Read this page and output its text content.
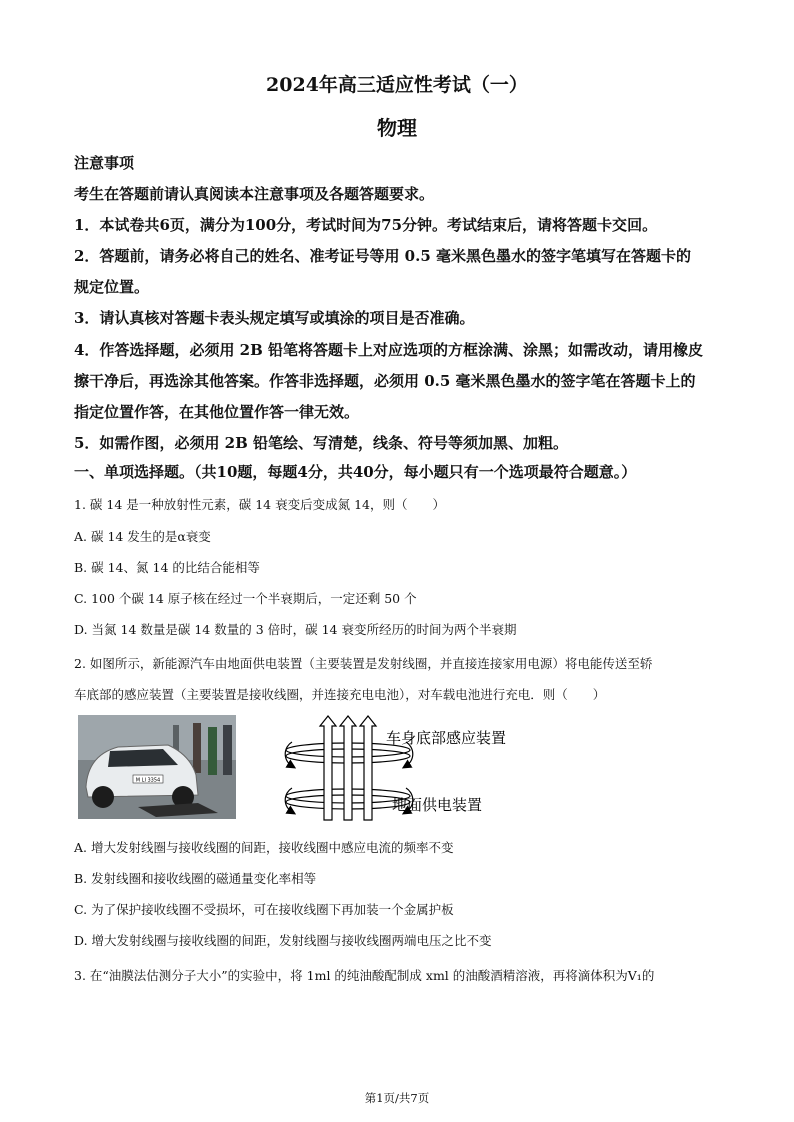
2024年高三适应性考试（一）
物理
注意事项
考生在答题前请认真阅读本注意事项及各题答题要求。
1．本试卷共6页，满分为100分，考试时间为75分钟。考试结束后，请将答题卡交回。
2．答题前，请务必将自己的姓名、准考证号等用 0.5 毫米黑色墨水的签字笔填写在答题卡的
规定位置。
3．请认真核对答题卡表头规定填写或填涂的项目是否准确。
4．作答选择题，必须用 2B 铅笔将答题卡上对应选项的方框涂满、涂黑；如需改动，请用橡皮
擦干净后，再选涂其他答案。作答非选择题，必须用 0.5 毫米黑色墨水的签字笔在答题卡上的
指定位置作答，在其他位置作答一律无效。
5．如需作图，必须用 2B 铅笔绘、写清楚，线条、符号等须加黑、加粗。
一、单项选择题。（共10题，每题4分，共40分，每小题只有一个选项最符合题意。）
1. 碳 14 是一种放射性元素，碳 14 衰变后变成氮 14，则（　　）
A. 碳 14 发生的是α衰变
B. 碳 14、氮 14 的比结合能相等
C. 100 个碳 14 原子核在经过一个半衰期后，一定还剩 50 个
D. 当氮 14 数量是碳 14 数量的 3 倍时，碳 14 衰变所经历的时间为两个半衰期
2. 如图所示，新能源汽车由地面供电装置（主要装置是发射线圈，并直接连接家用电源）将电能传送至轿
车底部的感应装置（主要装置是接收线圈，并连接充电电池），对车载电池进行充电．则（　　）
M LI 3354
车身底部感应装置
地面供电装置
A. 增大发射线圈与接收线圈的间距，接收线圈中感应电流的频率不变
B. 发射线圈和接收线圈的磁通量变化率相等
C. 为了保护接收线圈不受损坏，可在接收线圈下再加装一个金属护板
D. 增大发射线圈与接收线圈的间距，发射线圈与接收线圈两端电压之比不变
3. 在“油膜法估测分子大小”的实验中，将 1ml 的纯油酸配制成 xml 的油酸酒精溶液，再将滴体积为V₁的
第1页/共7页
